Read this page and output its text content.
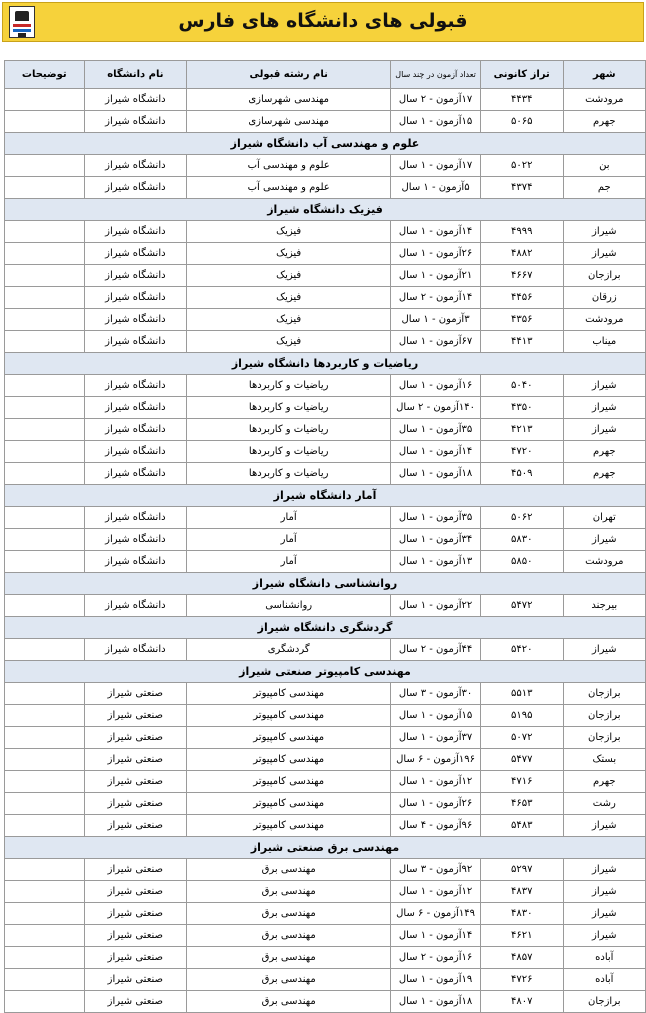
قبولی های دانشگاه های فارس
شهر	تراز کانونی	تعداد آزمون در چند سال	نام رشته قبولی	نام دانشگاه	توضیحات
مرودشت	۴۴۳۴	۱۷آزمون - ۲ سال	مهندسی شهرسازی	دانشگاه شیراز	
جهرم	۵۰۶۵	۱۵آزمون - ۱ سال	مهندسی شهرسازی	دانشگاه شیراز	
علوم و مهندسی آب دانشگاه شیراز					
بن	۵۰۲۲	۱۷آزمون - ۱ سال	علوم و مهندسی آب	دانشگاه شیراز	
جم	۴۳۷۴	۵آزمون - ۱ سال	علوم و مهندسی آب	دانشگاه شیراز	
فیزیک دانشگاه شیراز					
شیراز	۴۹۹۹	۱۴آزمون - ۱ سال	فیزیک	دانشگاه شیراز	
شیراز	۴۸۸۲	۲۶آزمون - ۱ سال	فیزیک	دانشگاه شیراز	
برازجان	۴۶۶۷	۲۱آزمون - ۱ سال	فیزیک	دانشگاه شیراز	
زرقان	۴۴۵۶	۱۴آزمون - ۲ سال	فیزیک	دانشگاه شیراز	
مرودشت	۴۳۵۶	۳آزمون - ۱ سال	فیزیک	دانشگاه شیراز	
میناب	۴۴۱۳	۶۷آزمون - ۱ سال	فیزیک	دانشگاه شیراز	
ریاضیات و کاربردها دانشگاه شیراز					
شیراز	۵۰۴۰	۱۶آزمون - ۱ سال	ریاضیات و کاربردها	دانشگاه شیراز	
شیراز	۴۳۵۰	۱۴۰آزمون - ۲ سال	ریاضیات و کاربردها	دانشگاه شیراز	
شیراز	۴۲۱۳	۳۵آزمون - ۱ سال	ریاضیات و کاربردها	دانشگاه شیراز	
جهرم	۴۷۲۰	۱۴آزمون - ۱ سال	ریاضیات و کاربردها	دانشگاه شیراز	
جهرم	۴۵۰۹	۱۸آزمون - ۱ سال	ریاضیات و کاربردها	دانشگاه شیراز	
آمار دانشگاه شیراز					
تهران	۵۰۶۲	۳۵آزمون - ۱ سال	آمار	دانشگاه شیراز	
شیراز	۵۸۳۰	۳۴آزمون - ۱ سال	آمار	دانشگاه شیراز	
مرودشت	۵۸۵۰	۱۳آزمون - ۱ سال	آمار	دانشگاه شیراز	
روانشناسی دانشگاه شیراز					
بیرجند	۵۴۷۲	۲۲آزمون - ۱ سال	روانشناسی	دانشگاه شیراز	
گردشگری دانشگاه شیراز					
شیراز	۵۴۲۰	۴۴آزمون - ۲ سال	گردشگری	دانشگاه شیراز	
مهندسی کامپیوتر صنعتی شیراز					
برازجان	۵۵۱۳	۳۰آزمون - ۳ سال	مهندسی کامپیوتر	صنعتی شیراز	
برازجان	۵۱۹۵	۱۵آزمون - ۱ سال	مهندسی کامپیوتر	صنعتی شیراز	
برازجان	۵۰۷۲	۳۷آزمون - ۱ سال	مهندسی کامپیوتر	صنعتی شیراز	
بستک	۵۴۷۷	۱۹۶آزمون - ۶ سال	مهندسی کامپیوتر	صنعتی شیراز	
جهرم	۴۷۱۶	۱۲آزمون - ۱ سال	مهندسی کامپیوتر	صنعتی شیراز	
رشت	۴۶۵۳	۲۶آزمون - ۱ سال	مهندسی کامپیوتر	صنعتی شیراز	
شیراز	۵۴۸۳	۹۶آزمون - ۴ سال	مهندسی کامپیوتر	صنعتی شیراز	
مهندسی برق صنعتی شیراز					
شیراز	۵۲۹۷	۹۲آزمون - ۳ سال	مهندسی برق	صنعتی شیراز	
شیراز	۴۸۳۷	۱۲آزمون - ۱ سال	مهندسی برق	صنعتی شیراز	
شیراز	۴۸۳۰	۱۴۹آزمون - ۶ سال	مهندسی برق	صنعتی شیراز	
شیراز	۴۶۲۱	۱۴آزمون - ۱ سال	مهندسی برق	صنعتی شیراز	
آباده	۴۸۵۷	۱۶آزمون - ۲ سال	مهندسی برق	صنعتی شیراز	
آباده	۴۷۲۶	۱۹آزمون - ۱ سال	مهندسی برق	صنعتی شیراز	
برازجان	۴۸۰۷	۱۸آزمون - ۱ سال	مهندسی برق	صنعتی شیراز	
